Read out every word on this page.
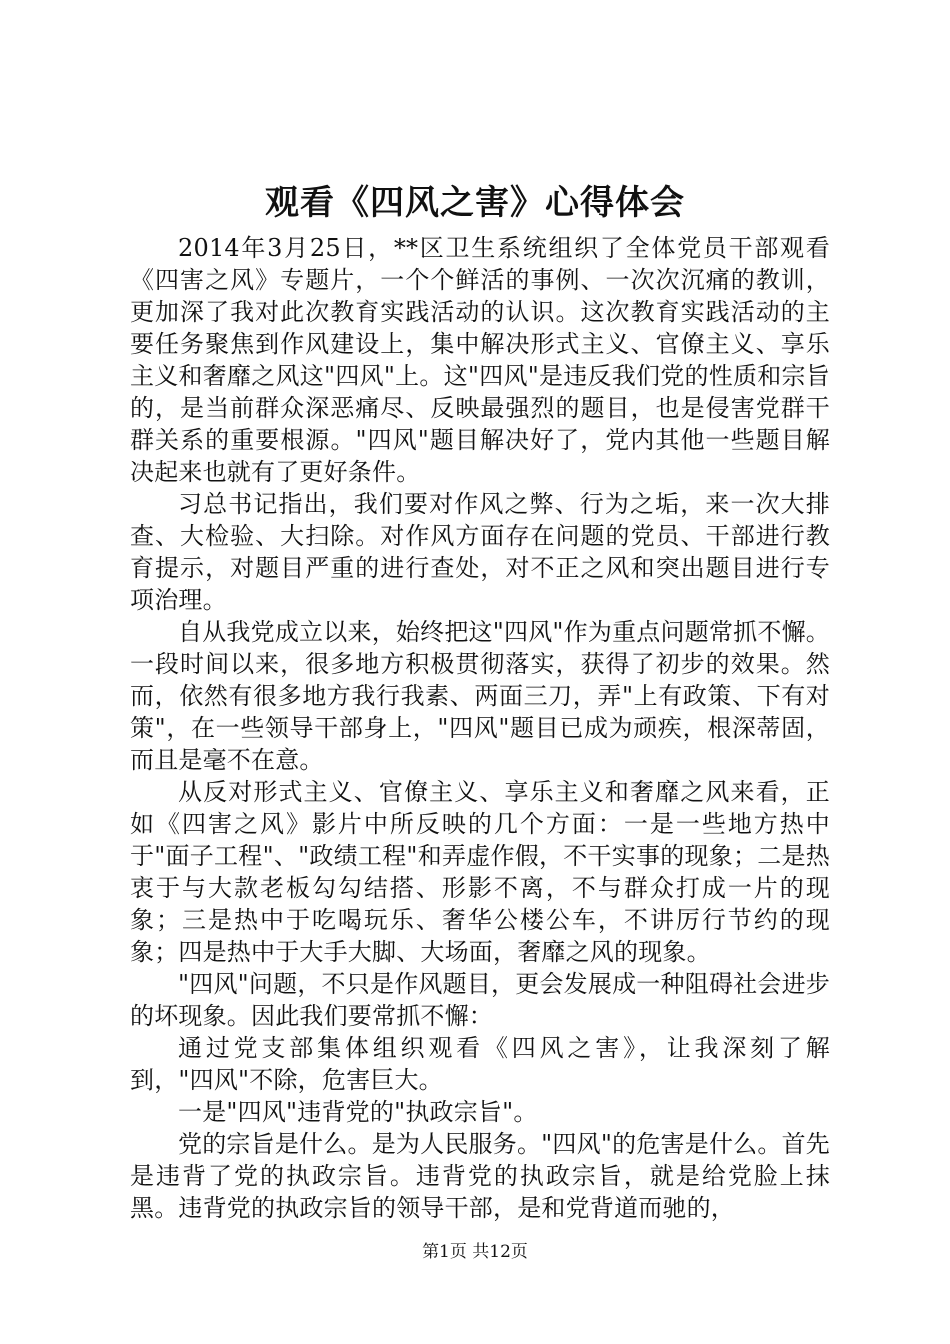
观看《四风之害》心得体会

2014年3月25日，**区卫生系统组织了全体党员干部观看《四害之风》专题片，一个个鲜活的事例、一次次沉痛的教训，更加深了我对此次教育实践活动的认识。这次教育实践活动的主要任务聚焦到作风建设上，集中解决形式主义、官僚主义、享乐主义和奢靡之风这"四风"上。这"四风"是违反我们党的性质和宗旨的，是当前群众深恶痛尽、反映最强烈的题目，也是侵害党群干群关系的重要根源。"四风"题目解决好了，党内其他一些题目解决起来也就有了更好条件。

习总书记指出，我们要对作风之弊、行为之垢，来一次大排查、大检验、大扫除。对作风方面存在问题的党员、干部进行教育提示，对题目严重的进行查处，对不正之风和突出题目进行专项治理。

自从我党成立以来，始终把这"四风"作为重点问题常抓不懈。一段时间以来，很多地方积极贯彻落实，获得了初步的效果。然而，依然有很多地方我行我素、两面三刀，弄"上有政策、下有对策"，在一些领导干部身上，"四风"题目已成为顽疾，根深蒂固，而且是毫不在意。

从反对形式主义、官僚主义、享乐主义和奢靡之风来看，正如《四害之风》影片中所反映的几个方面：一是一些地方热中于"面子工程"、"政绩工程"和弄虚作假，不干实事的现象；二是热衷于与大款老板勾勾结搭、形影不离，不与群众打成一片的现象；三是热中于吃喝玩乐、奢华公楼公车，不讲厉行节约的现象；四是热中于大手大脚、大场面，奢靡之风的现象。

"四风"问题，不只是作风题目，更会发展成一种阻碍社会进步的坏现象。因此我们要常抓不懈：

通过党支部集体组织观看《四风之害》，让我深刻了解到，"四风"不除，危害巨大。

一是"四风"违背党的"执政宗旨"。

党的宗旨是什么。是为人民服务。"四风"的危害是什么。首先是违背了党的执政宗旨。违背党的执政宗旨，就是给党脸上抹黑。违背党的执政宗旨的领导干部，是和党背道而驰的，

第1页 共12页
